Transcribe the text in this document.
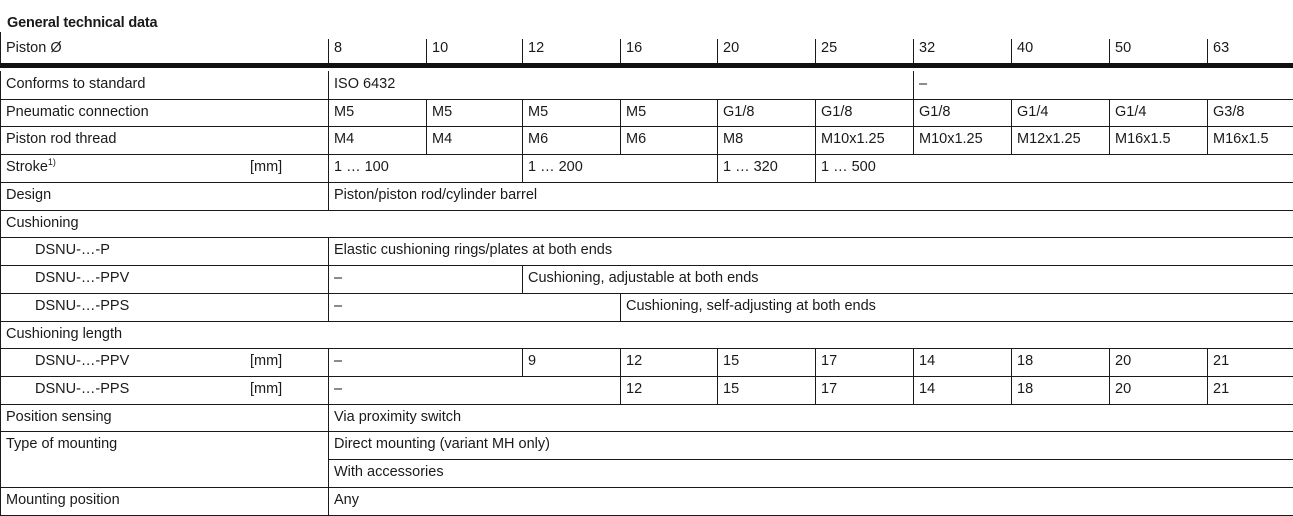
General technical data
Piston Ø	8	10	12	16	20	25	32	40	50	63
Conforms to standard	ISO 6432	–
Pneumatic connection	M5	M5	M5	M5	G1/8	G1/8	G1/8	G1/4	G1/4	G3/8
Piston rod thread	M4	M4	M6	M6	M8	M10x1.25	M10x1.25	M12x1.25	M16x1.5	M16x1.5
Stroke$^{1)}$	[mm]	1 … 100	1 … 200	1 … 320	1 … 500
Design	Piston/piston rod/cylinder barrel
Cushioning
DSNU-…-P	Elastic cushioning rings/plates at both ends
DSNU-…-PPV	–	Cushioning, adjustable at both ends
DSNU-…-PPS	–	Cushioning, self-adjusting at both ends
Cushioning length
DSNU-…-PPV	[mm]	–	9	12	15	17	14	18	20	21
DSNU-…-PPS	[mm]	–	12	15	17	14	18	20	21
Position sensing	Via proximity switch
Type of mounting	Direct mounting (variant MH only)
With accessories
Mounting position	Any
